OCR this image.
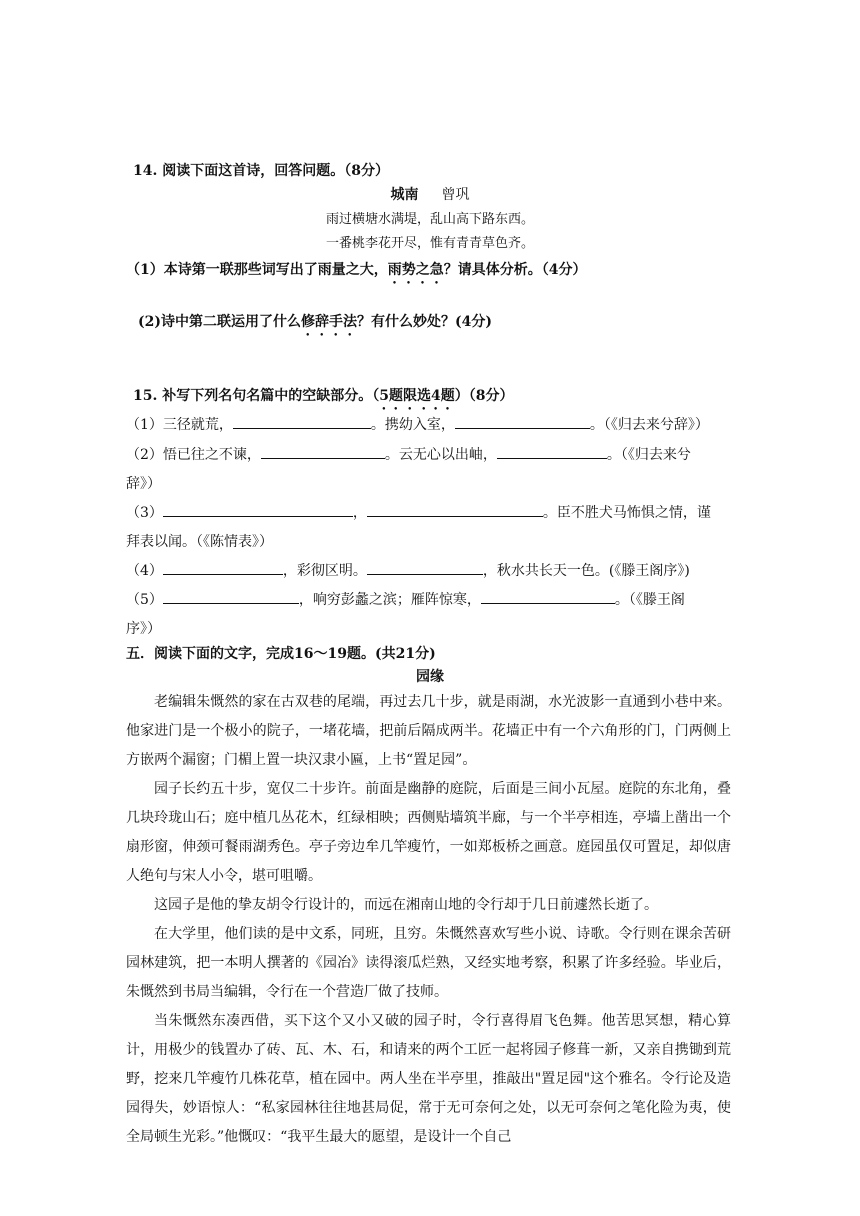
14. 阅读下面这首诗，回答问题。（8分）
城南 曾巩
雨过横塘水满堤，乱山高下路东西。
一番桃李花开尽，惟有青青草色齐。
（1）本诗第一联那些词写出了雨量之大，雨势之急？请具体分析。（4分）
(2)诗中第二联运用了什么修辞手法？有什么妙处？(4分)
15. 补写下列名句名篇中的空缺部分。（5题限选4题）（8分）
（1）三径就荒，	。携幼入室，	。（《归去来兮辞》）
（2）悟已往之不谏，	。云无心以出岫，	。（《归去来兮
辞》）
（3）	，	。臣不胜犬马怖惧之情，谨
拜表以闻。（《陈情表》）
（4）	，彩彻区明。	，秋水共长天一色。(《滕王阁序》)
（5）	，响穷彭蠡之滨；雁阵惊寒，	。（《滕王阁
序》）
五．阅读下面的文字，完成16～19题。(共21分)
园缘
老编辑朱慨然的家在古双巷的尾端，再过去几十步，就是雨湖，水光波影一直通到小巷中来。他家进门是一个极小的院子，一堵花墙，把前后隔成两半。花墙正中有一个六角形的门，门两侧上方嵌两个漏窗；门楣上置一块汉隶小匾，上书“置足园”。
园子长约五十步，宽仅二十步许。前面是幽静的庭院，后面是三间小瓦屋。庭院的东北角，叠几块玲珑山石；庭中植几丛花木，红绿相映；西侧贴墙筑半廊，与一个半亭相连，亭墙上凿出一个扇形窗，伸颈可餐雨湖秀色。亭子旁边牟几竿瘦竹，一如郑板桥之画意。庭园虽仅可置足，却似唐人绝句与宋人小令，堪可咀嚼。
这园子是他的挚友胡令行设计的，而远在湘南山地的令行却于几日前遽然长逝了。
在大学里，他们读的是中文系，同班，且穷。朱慨然喜欢写些小说、诗歌。令行则在课余苦研园林建筑，把一本明人撰著的《园冶》读得滚瓜烂熟，又经实地考察，积累了许多经验。毕业后，朱慨然到书局当编辑，令行在一个营造厂做了技师。
当朱慨然东凑西借，买下这个又小又破的园子时，令行喜得眉飞色舞。他苦思冥想，精心算计，用极少的钱置办了砖、瓦、木、石，和请来的两个工匠一起将园子修葺一新，又亲自携锄到荒野，挖来几竿瘦竹几株花草，植在园中。两人坐在半亭里，推敲出"置足园"这个雅名。令行论及造园得失，妙语惊人：“私家园林往往地甚局促，常于无可奈何之处，以无可奈何之笔化险为夷，使全局顿生光彩。”他慨叹：“我平生最大的愿望，是设计一个自己
